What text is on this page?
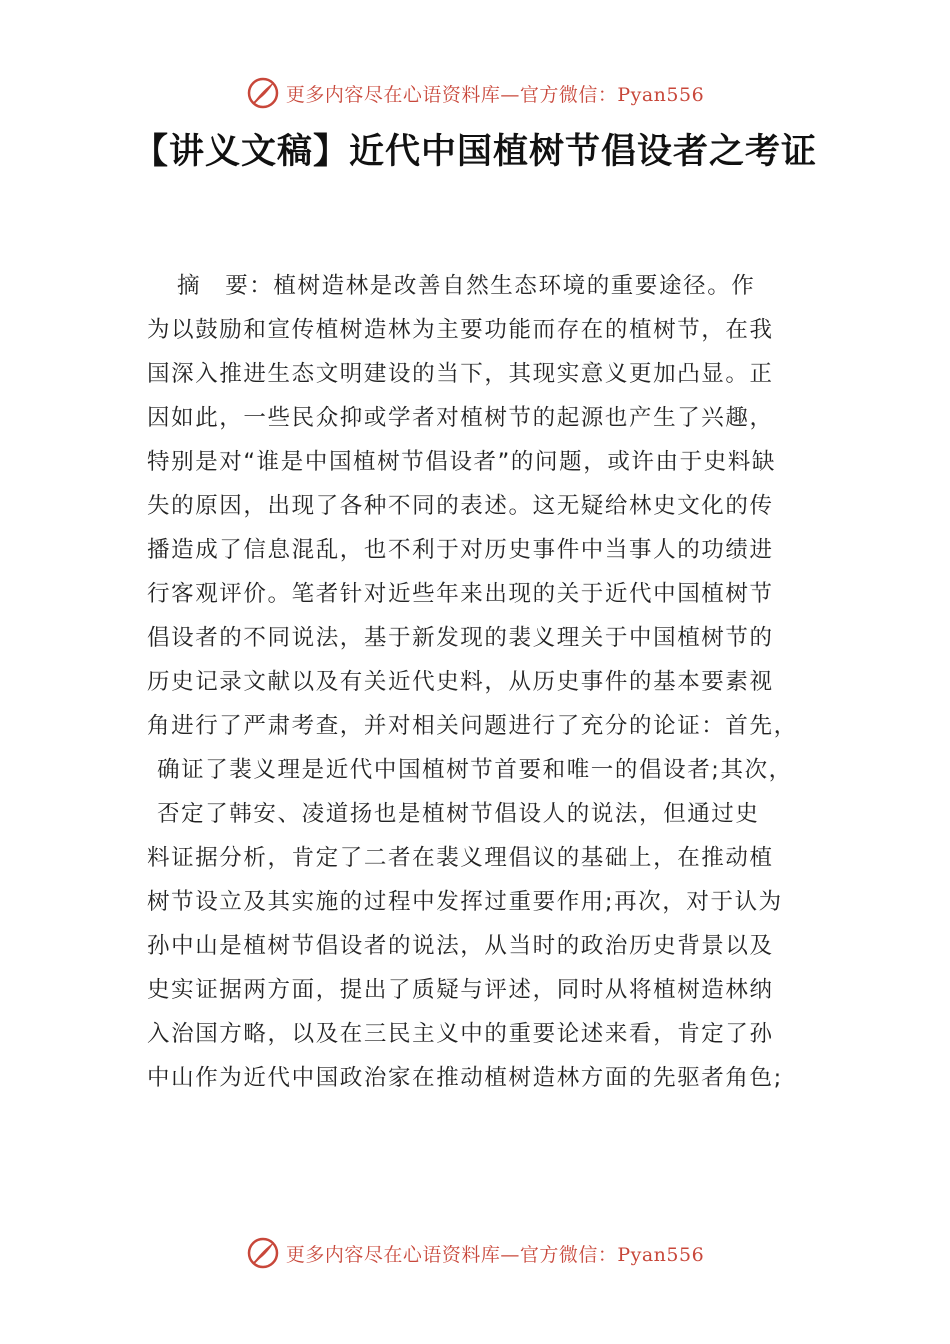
更多内容尽在心语资料库—官方微信：Pyan556
【讲义文稿】近代中国植树节倡设者之考证
摘　要：植树造林是改善自然生态环境的重要途径。作
为以鼓励和宣传植树造林为主要功能而存在的植树节，在我
国深入推进生态文明建设的当下，其现实意义更加凸显。正
因如此，一些民众抑或学者对植树节的起源也产生了兴趣，
特别是对“谁是中国植树节倡设者”的问题，或许由于史料缺
失的原因，出现了各种不同的表述。这无疑给林史文化的传
播造成了信息混乱，也不利于对历史事件中当事人的功绩进
行客观评价。笔者针对近些年来出现的关于近代中国植树节
倡设者的不同说法，基于新发现的裴义理关于中国植树节的
历史记录文献以及有关近代史料，从历史事件的基本要素视
角进行了严肃考查，并对相关问题进行了充分的论证：首先，
确证了裴义理是近代中国植树节首要和唯一的倡设者;其次，
否定了韩安、凌道扬也是植树节倡设人的说法，但通过史
料证据分析，肯定了二者在裴义理倡议的基础上，在推动植
树节设立及其实施的过程中发挥过重要作用;再次，对于认为
孙中山是植树节倡设者的说法，从当时的政治历史背景以及
史实证据两方面，提出了质疑与评述，同时从将植树造林纳
入治国方略，以及在三民主义中的重要论述来看，肯定了孙
中山作为近代中国政治家在推动植树造林方面的先驱者角色;
更多内容尽在心语资料库—官方微信：Pyan556
